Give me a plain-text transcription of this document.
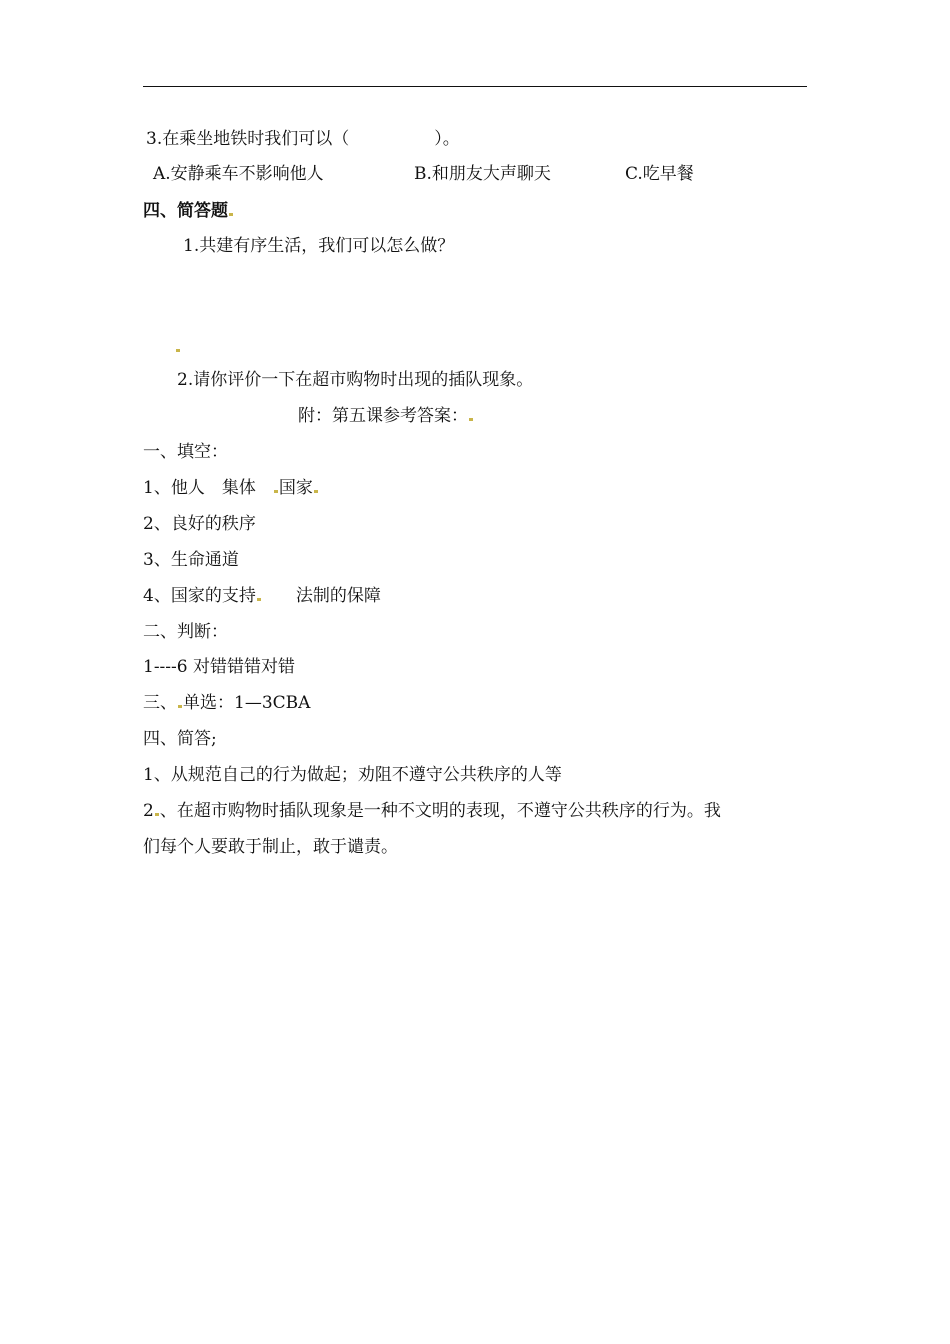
3.在乘坐地铁时我们可以（　　　　　）。
A.安静乘车不影响他人	B.和朋友大声聊天	C.吃早餐
四、简答题
1.共建有序生活，我们可以怎么做？
2.请你评价一下在超市购物时出现的插队现象。
附：第五课参考答案：
一、填空：
1、他人　集体　国家
2、良好的秩序
3、生命通道
4、国家的支持 法制的保障
二、判断：
1----6 对错错错对错
三、 单选：1—3CBA
四、简答;
1、从规范自己的行为做起；劝阻不遵守公共秩序的人等
2 、在超市购物时插队现象是一种不文明的表现，不遵守公共秩序的行为。我
们每个人要敢于制止，敢于谴责。
